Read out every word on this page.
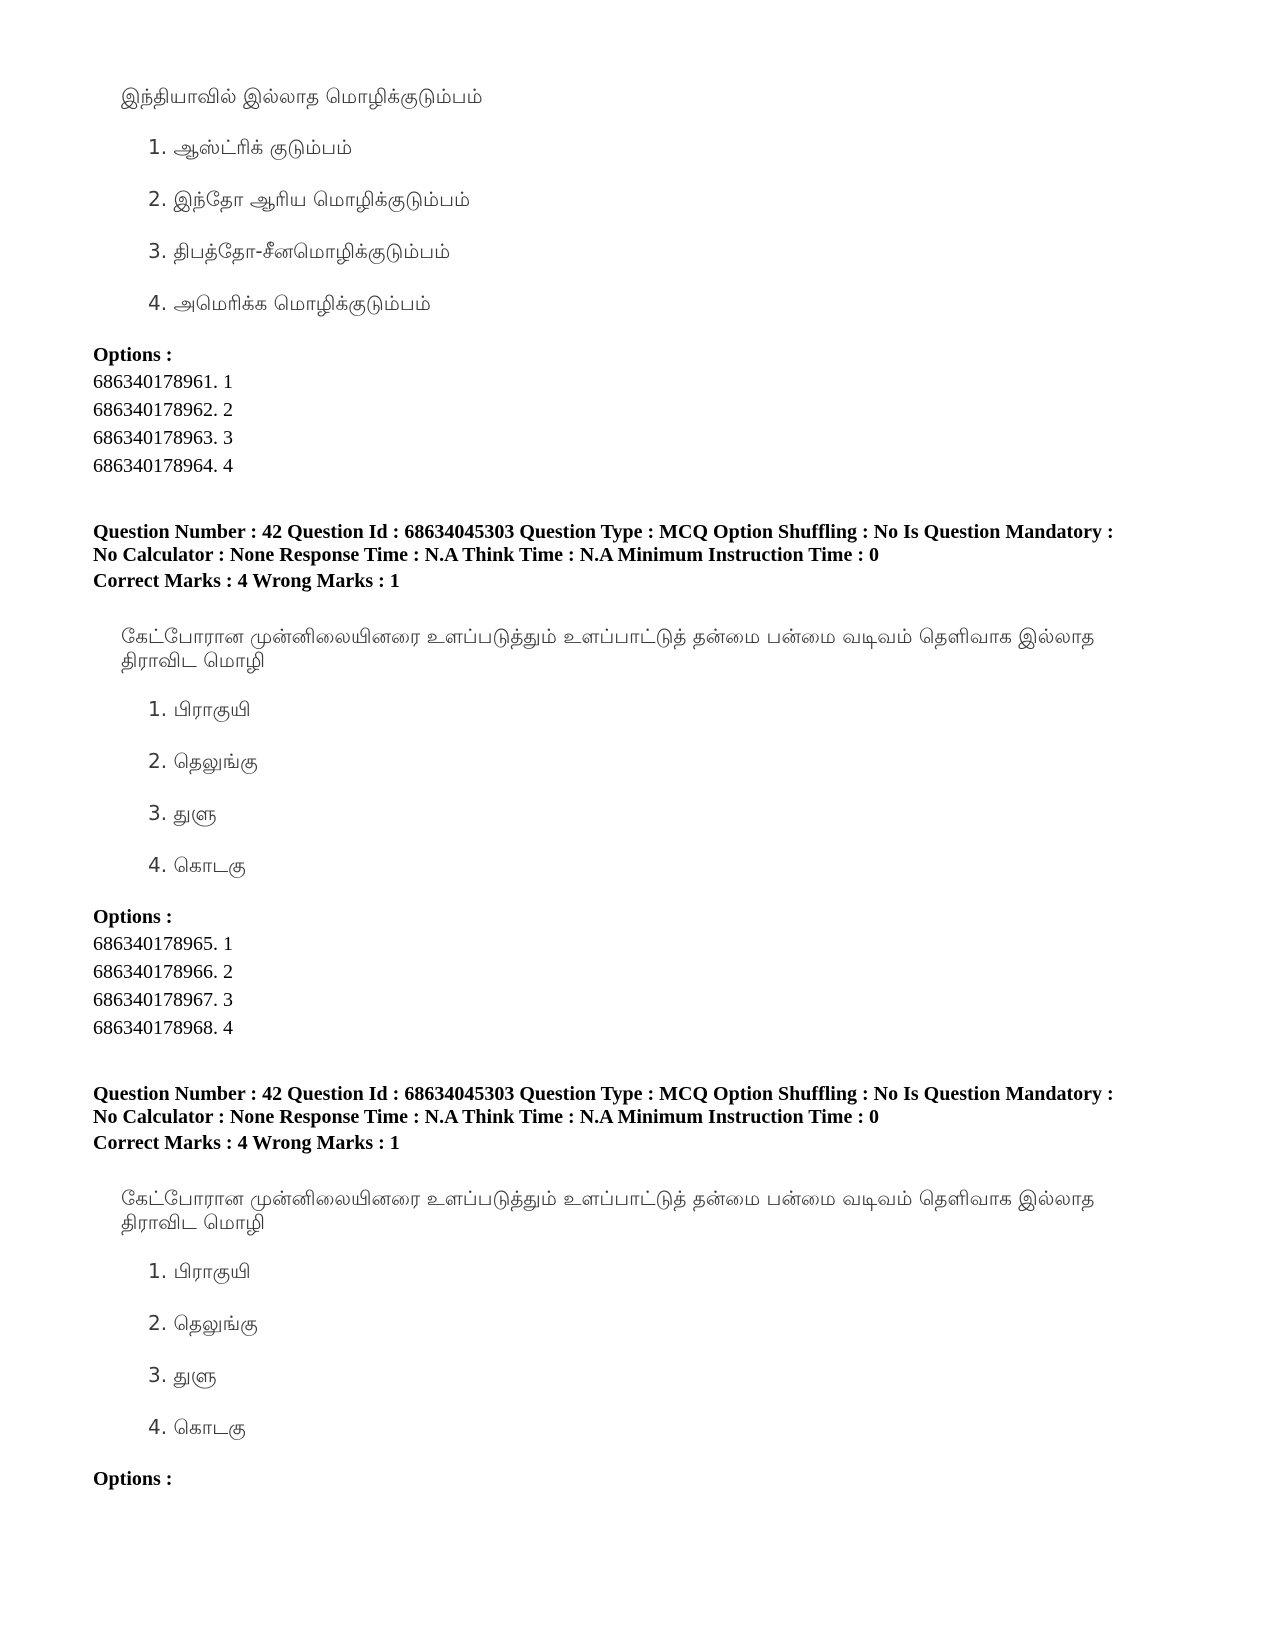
இந்தியாவில் இல்லாத மொழிக்குடும்பம்
1. ஆஸ்ட்ரிக் குடும்பம்
2. இந்தோ ஆரிய மொழிக்குடும்பம்
3. திபத்தோ-சீனமொழிக்குடும்பம்
4. அமெரிக்க மொழிக்குடும்பம்
Options :
686340178961. 1
686340178962. 2
686340178963. 3
686340178964. 4
Question Number : 42 Question Id : 68634045303 Question Type : MCQ Option Shuffling : No Is Question Mandatory :
No Calculator : None Response Time : N.A Think Time : N.A Minimum Instruction Time : 0
Correct Marks : 4 Wrong Marks : 1
கேட்போரான முன்னிலையினரை உளப்படுத்தும் உளப்பாட்டுத் தன்மை பன்மை வடிவம் தெளிவாக இல்லாத
திராவிட மொழி
1. பிராகுயி
2. தெலுங்கு
3. துளு
4. கொடகு
Options :
686340178965. 1
686340178966. 2
686340178967. 3
686340178968. 4
Question Number : 42 Question Id : 68634045303 Question Type : MCQ Option Shuffling : No Is Question Mandatory :
No Calculator : None Response Time : N.A Think Time : N.A Minimum Instruction Time : 0
Correct Marks : 4 Wrong Marks : 1
கேட்போரான முன்னிலையினரை உளப்படுத்தும் உளப்பாட்டுத் தன்மை பன்மை வடிவம் தெளிவாக இல்லாத
திராவிட மொழி
1. பிராகுயி
2. தெலுங்கு
3. துளு
4. கொடகு
Options :
